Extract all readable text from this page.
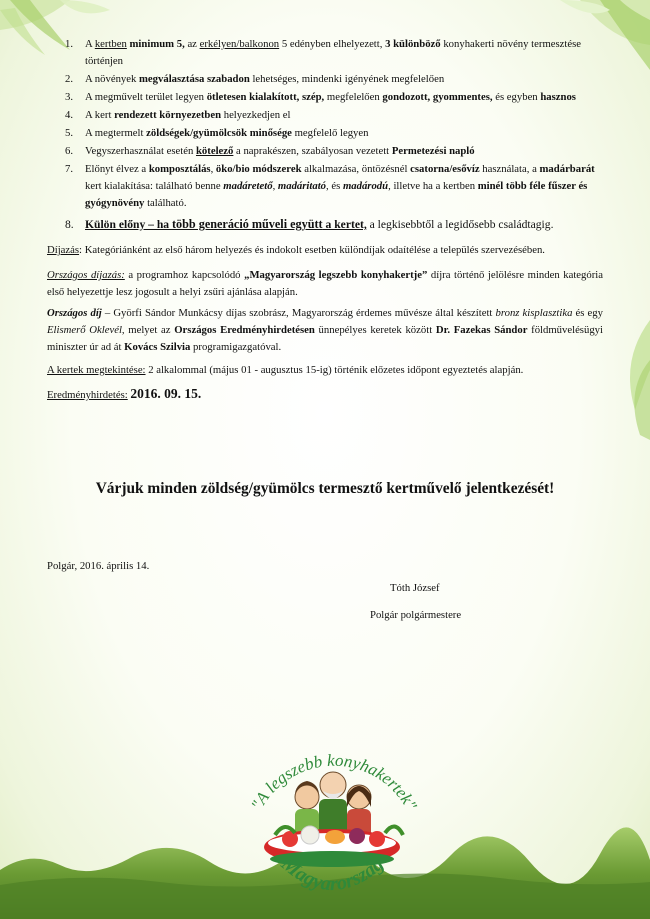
1. A kertben minimum 5, az erkélyen/balkonon 5 edényben elhelyezett, 3 különböző konyhakerti növény termesztése történjen
2. A növények megválasztása szabadon lehetséges, mindenki igényének megfelelően
3. A megművelt terület legyen ötletesen kialakított, szép, megfelelően gondozott, gyommentes, és egyben hasznos
4. A kert rendezett környezetben helyezkedjen el
5. A megtermelt zöldségek/gyümölcsök minősége megfelelő legyen
6. Vegyszerhasználat esetén kötelező a naprakészen, szabályosan vezetett Permetezési napló
7. Előnyt élvez a komposztálás, öko/bio módszerek alkalmazása, öntözésnél csatorna/esővíz használata, a madárbarát kert kialakítása: található benne madáretető, madáritató, és madárodú, illetve ha a kertben minél több féle fűszer és gyógynövény található.
8. Külön előny – ha több generáció műveli együtt a kertet, a legkisebbtől a legidősebb családtagig.

Díjazás: Kategóriánként az első három helyezés és indokolt esetben különdíjak odaítélése a település szervezésében.

Országos díjazás: a programhoz kapcsolódó „Magyarország legszebb konyhakertje” díjra történő jelölésre minden kategória első helyezettje lesz jogosult a helyi zsűri ajánlása alapján.

Országos díj – Györfi Sándor Munkácsy díjas szobrász, Magyarország érdemes művésze által készített bronz kisplasztika és egy Elismerő Oklevél, melyet az Országos Eredményhirdetésen ünnepélyes keretek között Dr. Fazekas Sándor földművelésügyi miniszter úr ad át Kovács Szilvia programigazgatóval.

A kertek megtekintése: 2 alkalommal (május 01 - augusztus 15-ig) történik előzetes időpont egyeztetés alapján.

Eredményhirdetés: 2016. 09. 15.
Várjuk minden zöldség/gyümölcs termesztő kertművelő jelentkezését!
Polgár, 2016. április 14.
Tóth József
Polgár polgármestere
"A legszebb konyhakertek"
Magyarország
